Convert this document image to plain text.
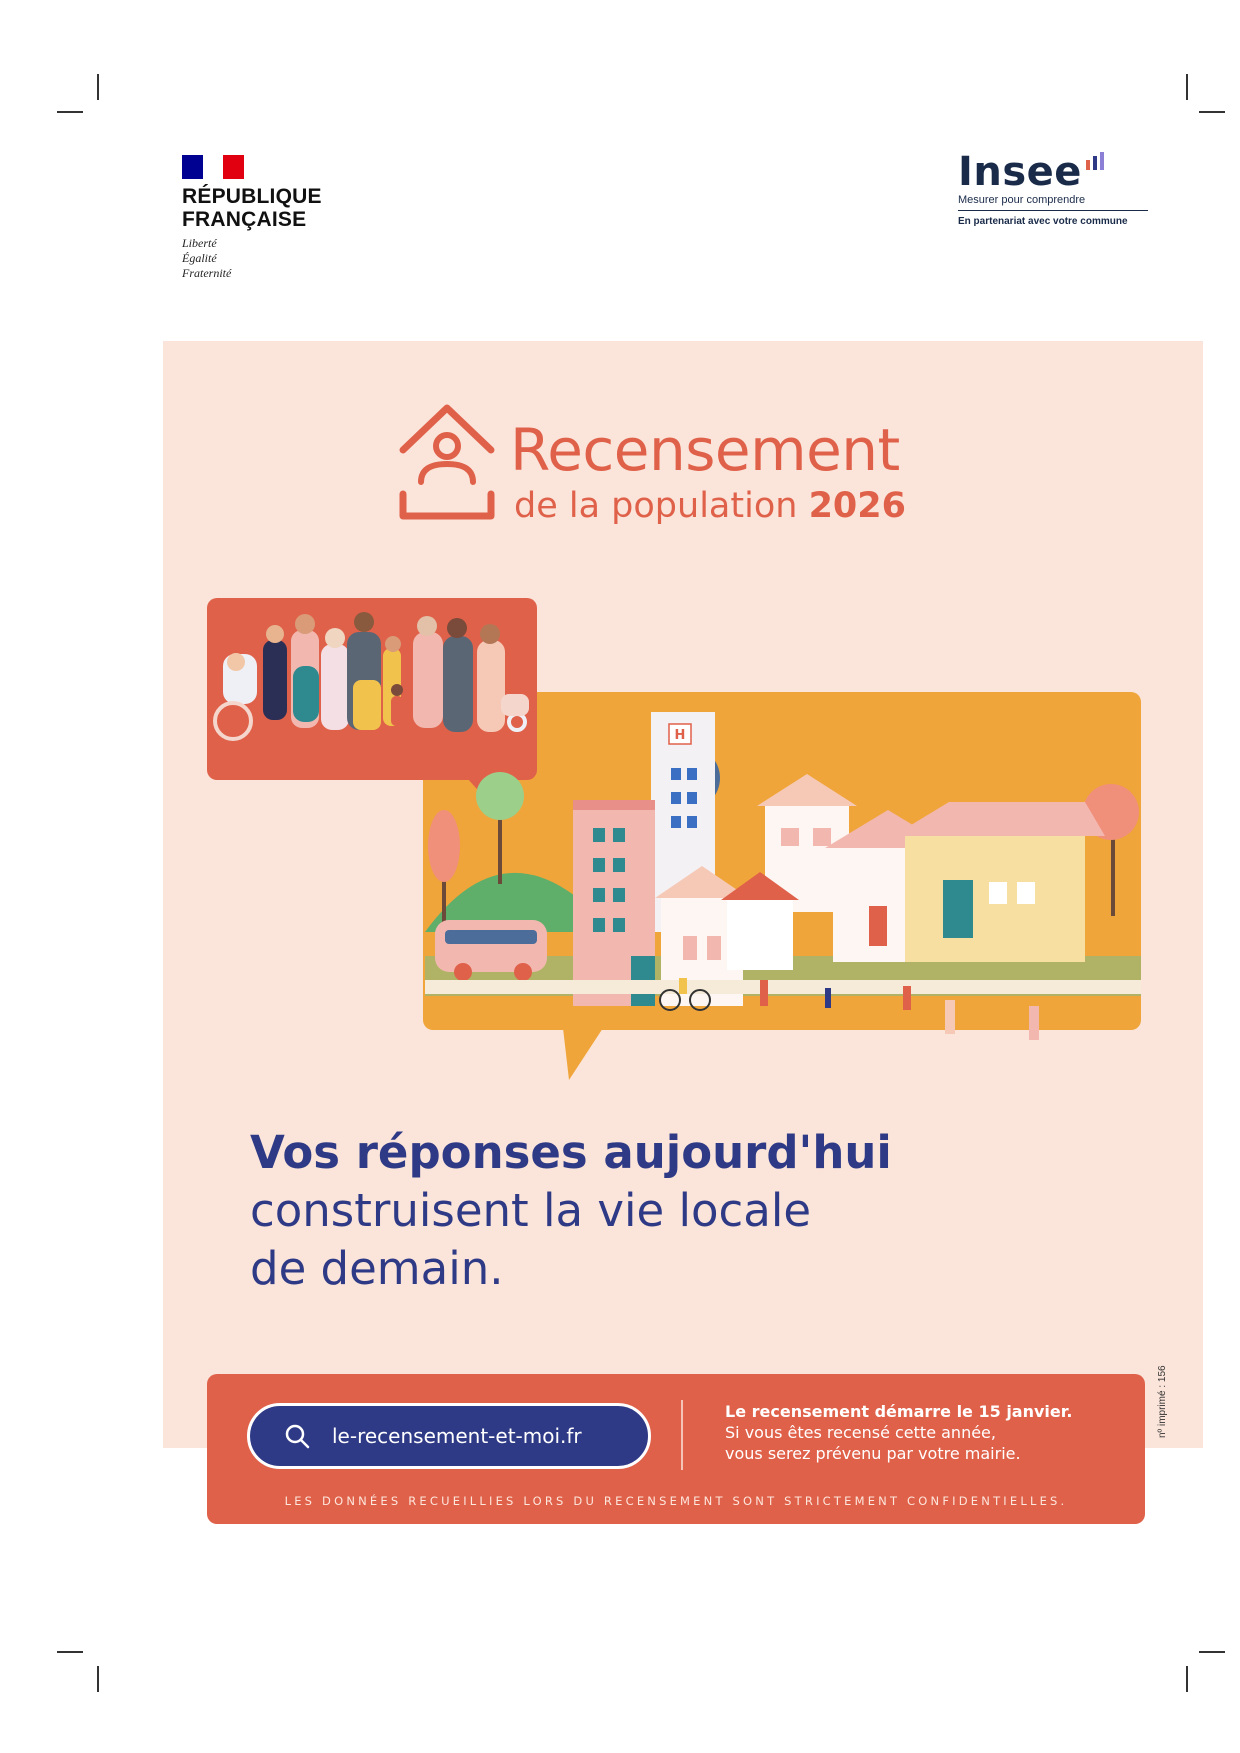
RÉPUBLIQUE
FRANÇAISE
Liberté
Égalité
Fraternité
Insee
Mesurer pour comprendre
En partenariat avec votre commune
Recensement
de la population 2026
H
Vos réponses aujourd'hui
construisent la vie locale
de demain.
le-recensement-et-moi.fr
Le recensement démarre le 15 janvier.
Si vous êtes recensé cette année,
vous serez prévenu par votre mairie.
LES DONNÉES RECUEILLIES LORS DU RECENSEMENT SONT STRICTEMENT CONFIDENTIELLES.
nº imprimé : 156
